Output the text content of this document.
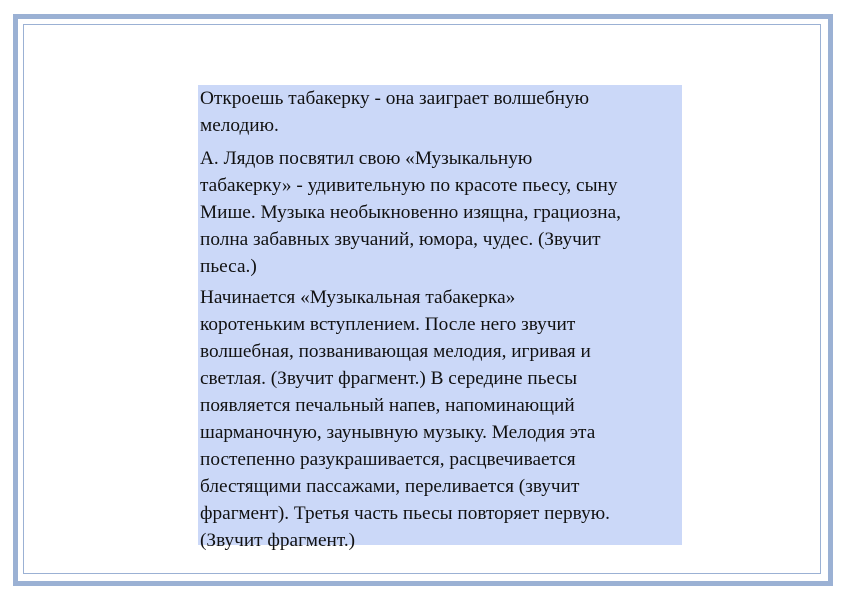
Откроешь табакерку - она заиграет волшебную
мелодию.

А. Лядов посвятил свою «Музыкальную
табакерку» - удивительную по красоте пьесу, сыну
Мише. Музыка необыкновенно изящна, грациозна,
полна забавных звучаний, юмора, чудес. (Звучит
пьеса.)

Начинается «Музыкальная табакерка»
коротеньким вступлением. После него звучит
волшебная, позванивающая мелодия, игривая и
светлая. (Звучит фрагмент.) В середине пьесы
появляется печальный напев, напоминающий
шарманочную, заунывную музыку. Мелодия эта
постепенно разукрашивается, расцвечивается
блестящими пассажами, переливается (звучит
фрагмент). Третья часть пьесы повторяет первую.
(Звучит фрагмент.)
